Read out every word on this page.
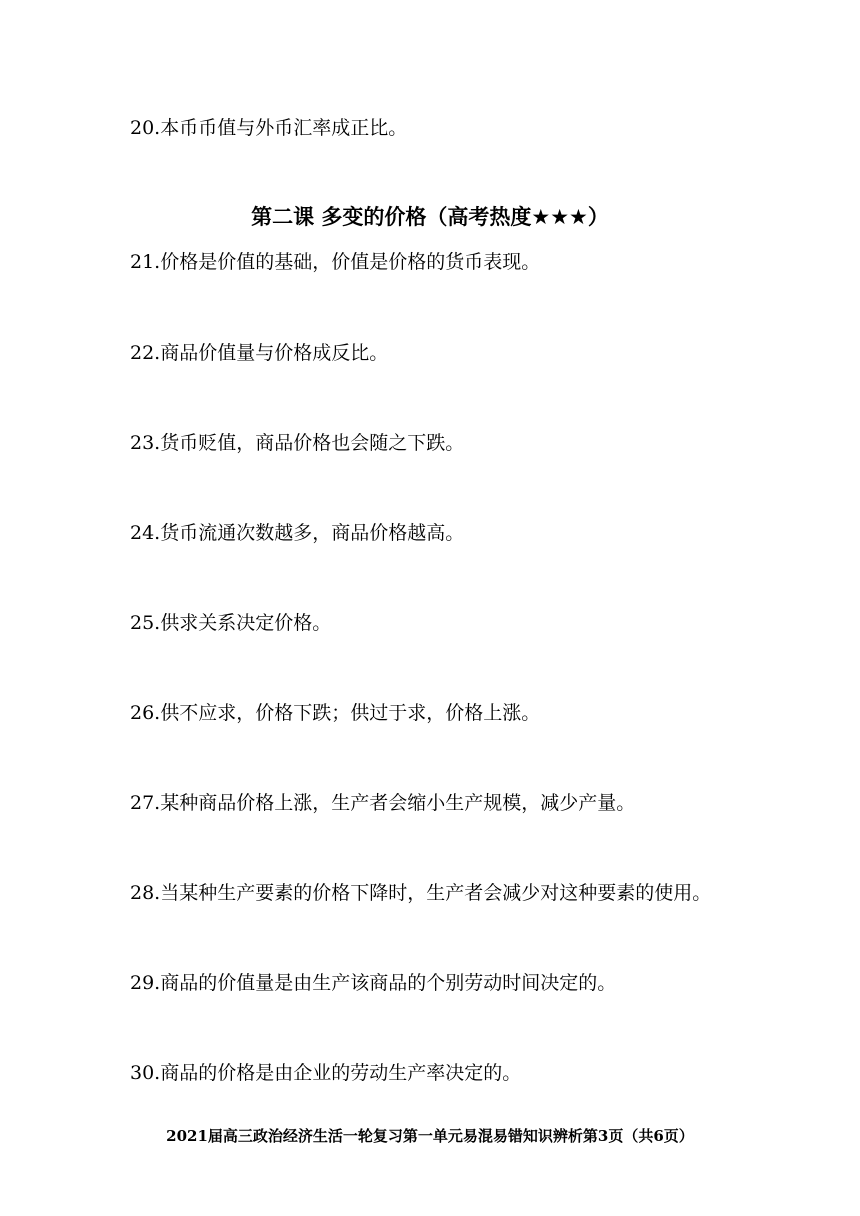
20.本币币值与外币汇率成正比。
第二课 多变的价格（高考热度★★★）
21.价格是价值的基础，价值是价格的货币表现。
22.商品价值量与价格成反比。
23.货币贬值，商品价格也会随之下跌。
24.货币流通次数越多，商品价格越高。
25.供求关系决定价格。
26.供不应求，价格下跌；供过于求，价格上涨。
27.某种商品价格上涨，生产者会缩小生产规模，减少产量。
28.当某种生产要素的价格下降时，生产者会减少对这种要素的使用。
29.商品的价值量是由生产该商品的个别劳动时间决定的。
30.商品的价格是由企业的劳动生产率决定的。
2021届高三政治经济生活一轮复习第一单元易混易错知识辨析第3页（共6页）
